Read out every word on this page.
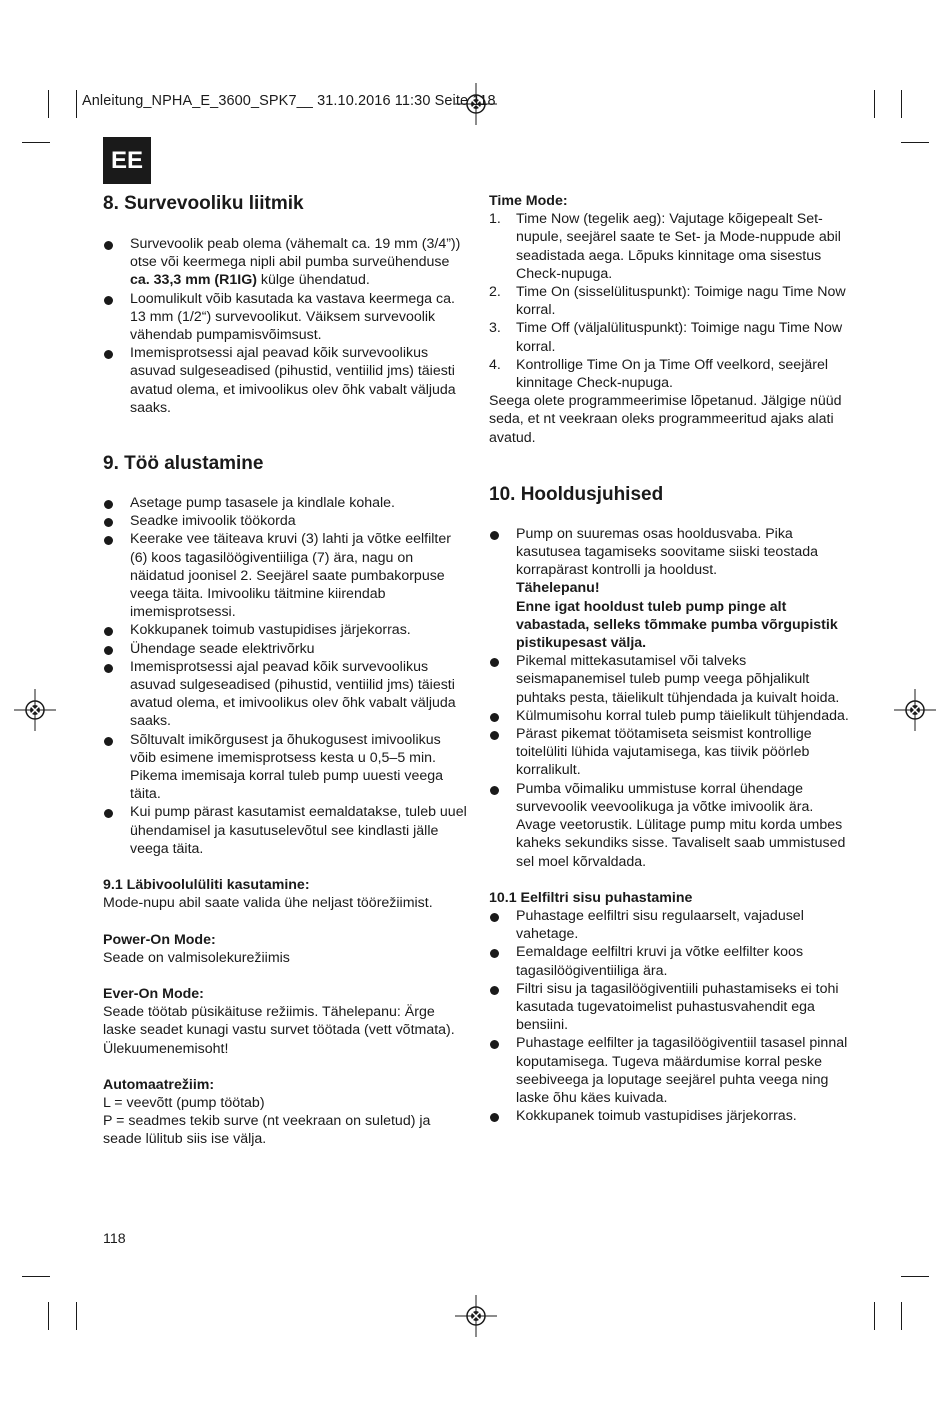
Anleitung_NPHA_E_3600_SPK7__ 31.10.2016 11:30 Seite 118
EE
8. Survevooliku liitmik
Survevoolik peab olema (vähemalt ca. 19 mm (3/4”)) otse või keermega nipli abil pumba surveühenduse ca. 33,3 mm (R1IG) külge ühendatud.
Loomulikult võib kasutada ka vastava keermega ca. 13 mm (1/2“) survevoolikut. Väiksem survevoolik vähendab pumpamisvõimsust.
Imemisprotsessi ajal peavad kõik survevoolikus asuvad sulgeseadised (pihustid, ventiilid jms) täiesti avatud olema, et imivoolikus olev õhk vabalt väljuda saaks.
9. Töö alustamine
Asetage pump tasasele ja kindlale kohale.
Seadke imivoolik töökorda
Keerake vee täiteava kruvi (3) lahti ja võtke eelfilter (6) koos tagasilöögiventiiliga (7) ära, nagu on näidatud joonisel 2. Seejärel saate pumbakorpuse veega täita. Imivooliku täitmine kiirendab imemisprotsessi.
Kokkupanek toimub vastupidises järjekorras.
Ühendage seade elektrivõrku
Imemisprotsessi ajal peavad kõik survevoolikus asuvad sulgeseadised (pihustid, ventiilid jms) täiesti avatud olema, et imivoolikus olev õhk vabalt väljuda saaks.
Sõltuvalt imikõrgusest ja õhukogusest imivoolikus võib esimene imemisprotsess kesta u 0,5–5 min. Pikema imemisaja korral tuleb pump uuesti veega täita.
Kui pump pärast kasutamist eemaldatakse, tuleb uuel ühendamisel ja kasutuselevõtul see kindlasti jälle veega täita.

9.1 Läbivoolulüliti kasutamine:

Mode-nupu abil saate valida ühe neljast töörežiimist.

Power-On Mode:

Seade on valmisolekurežiimis

Ever-On Mode:

Seade töötab püsikäituse režiimis. Tähelepanu: Ärge laske seadet kunagi vastu survet töötada (vett võtmata). Ülekuumenemisoht!

Automaatrežiim:

L = veevõtt (pump töötab)

P = seadmes tekib surve (nt veekraan on suletud) ja seade lülitub siis ise välja.

Time Mode:

1. Time Now (tegelik aeg): Vajutage kõigepealt Set-nupule, seejärel saate te Set- ja Mode-nuppude abil seadistada aega. Lõpuks kinnitage oma sisestus Check-nupuga.
2. Time On (sisselülituspunkt): Toimige nagu Time Now korral.
3. Time Off (väljalülituspunkt): Toimige nagu Time Now korral.
4. Kontrollige Time On ja Time Off veelkord, seejärel kinnitage Check-nupuga.

Seega olete programmeerimise lõpetanud. Jälgige nüüd seda, et nt veekraan oleks programmeeritud ajaks alati avatud.

10. Hooldusjuhised
Pump on suuremas osas hooldusvaba. Pika kasutusea tagamiseks soovitame siiski teostada korrapärast kontrolli ja hooldust.
Tähelepanu!
Enne igat hooldust tuleb pump pinge alt vabastada, selleks tõmmake pumba võrgupistik pistikupesast välja.
Pikemal mittekasutamisel või talveks seismapanemisel tuleb pump veega põhjalikult puhtaks pesta, täielikult tühjendada ja kuivalt hoida.
Külmumisohu korral tuleb pump täielikult tühjendada.
Pärast pikemat töötamiseta seismist kontrollige toitelüliti lühida vajutamisega, kas tiivik pöörleb korralikult.
Pumba võimaliku ummistuse korral ühendage survevoolik veevoolikuga ja võtke imivoolik ära. Avage veetorustik. Lülitage pump mitu korda umbes kaheks sekundiks sisse. Tavaliselt saab ummistused sel moel kõrvaldada.

10.1 Eelfiltri sisu puhastamine

Puhastage eelfiltri sisu regulaarselt, vajadusel vahetage.
Eemaldage eelfiltri kruvi ja võtke eelfilter koos tagasilöögiventiiliga ära.
Filtri sisu ja tagasilöögiventiili puhastamiseks ei tohi kasutada tugevatoimelist puhastusvahendit ega bensiini.
Puhastage eelfilter ja tagasilöögiventiil tasasel pinnal koputamisega. Tugeva määrdumise korral peske seebiveega ja loputage seejärel puhta veega ning laske õhu käes kuivada.
Kokkupanek toimub vastupidises järjekorras.
118
